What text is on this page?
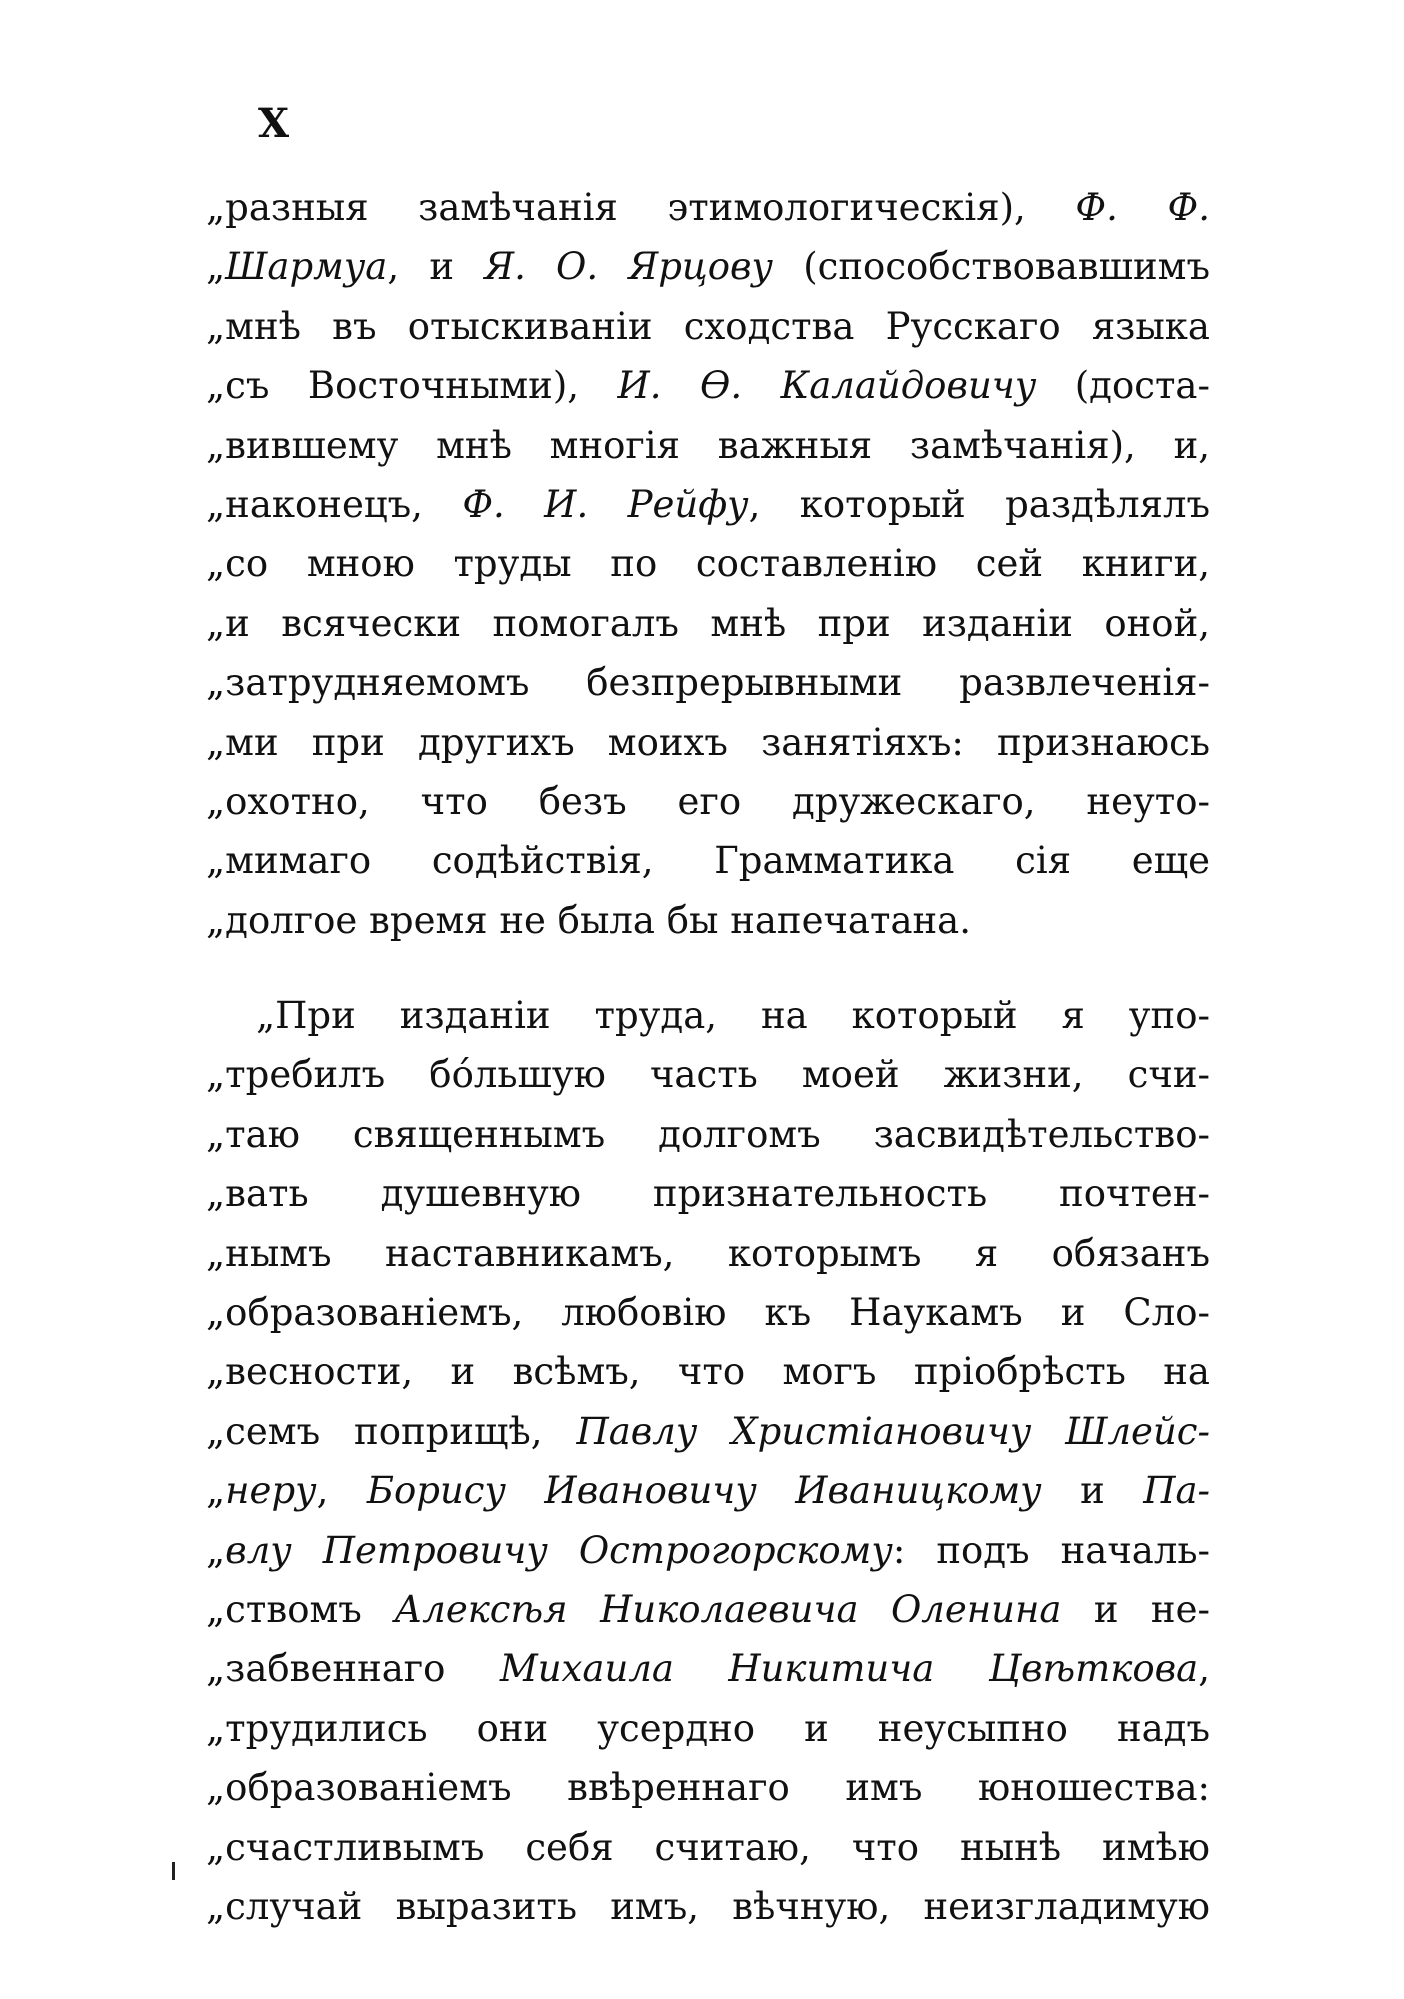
X
„разныя замѣчанія этимологическія), Ф. Ф.
„Шармуа, и Я. О. Ярцову (способствовавшимъ
„мнѣ въ отыскиваніи сходства Русскаго языка
„съ Восточными), И. Ѳ. Калайдовичу (доста-
„вившему мнѣ многія важныя замѣчанія), и,
„наконецъ, Ф. И. Рейфу, который раздѣлялъ
„со мною труды по составленію сей книги,
„и всячески помогалъ мнѣ при изданіи оной,
„затрудняемомъ безпрерывными развлеченія-
„ми при другихъ моихъ занятіяхъ: признаюсь
„охотно, что безъ его дружескаго, неуто-
„мимаго содѣйствія, Грамматика сія еще
„долгое время не была бы напечатана.
„При изданіи труда, на который я упо-
„требилъ бо́льшую часть моей жизни, счи-
„таю священнымъ долгомъ засвидѣтельство-
„вать душевную признательность почтен-
„нымъ наставникамъ, которымъ я обязанъ
„образованіемъ, любовію къ Наукамъ и Сло-
„весности, и всѣмъ, что могъ пріобрѣсть на
„семъ поприщѣ, Павлу Христіановичу Шлейс-
„неру, Борису Ивановичу Иваницкому и Па-
„влу Петровичу Острогорскому: подъ началь-
„ствомъ Алексѣя Николаевича Оленина и не-
„забвеннаго Михаила Никитича Цвѣткова,
„трудились они усердно и неусыпно надъ
„образованіемъ ввѣреннаго имъ юношества:
„счастливымъ себя считаю, что нынѣ имѣю
„случай выразить имъ, вѣчную, неизгладимую
